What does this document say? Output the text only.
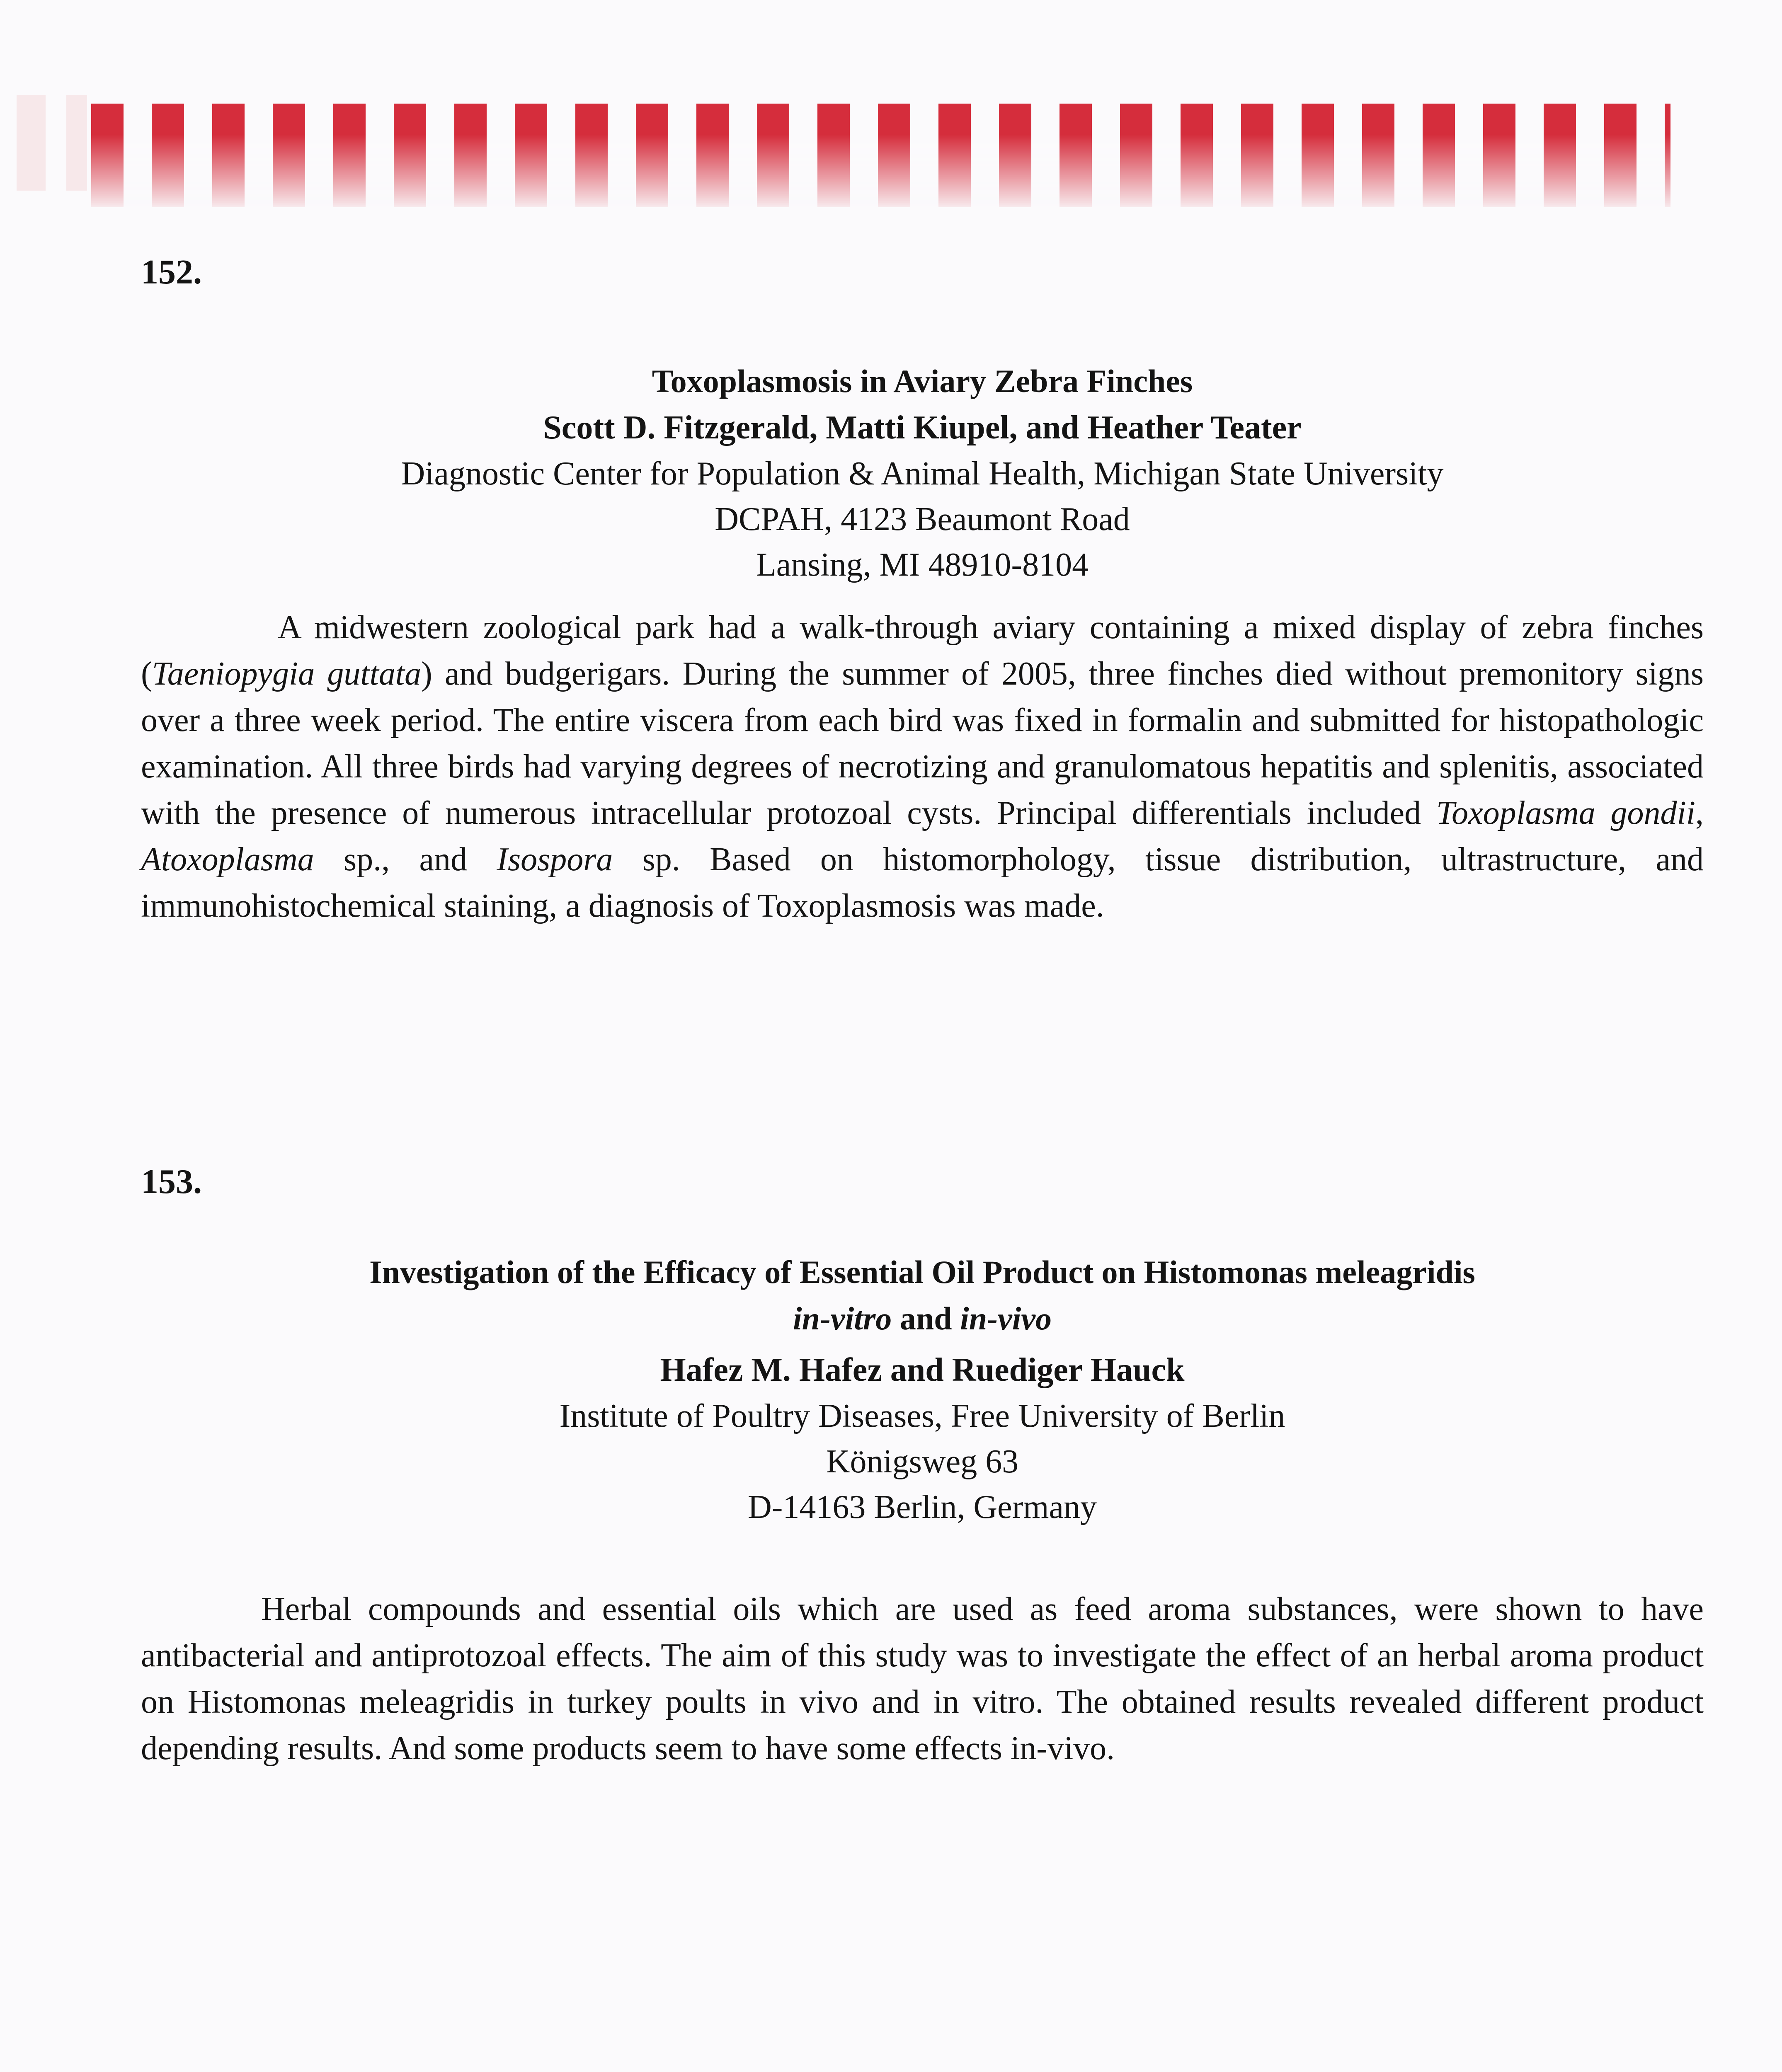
152.
Toxoplasmosis in Aviary Zebra Finches
Scott D. Fitzgerald, Matti Kiupel, and Heather Teater
Diagnostic Center for Population & Animal Health, Michigan State University
DCPAH, 4123 Beaumont Road
Lansing, MI 48910-8104
A midwestern zoological park had a walk-through aviary containing a mixed display of zebra finches (Taeniopygia guttata) and budgerigars. During the summer of 2005, three finches died without premonitory signs over a three week period. The entire viscera from each bird was fixed in formalin and submitted for histopathologic examination. All three birds had varying degrees of necrotizing and granulomatous hepatitis and splenitis, associated with the presence of numerous intracellular protozoal cysts. Principal differentials included Toxoplasma gondii, Atoxoplasma sp., and Isospora sp. Based on histomorphology, tissue distribution, ultrastructure, and immunohistochemical staining, a diagnosis of Toxoplasmosis was made.
153.
Investigation of the Efficacy of Essential Oil Product on Histomonas meleagridis
in-vitro and in-vivo
Hafez M. Hafez and Ruediger Hauck
Institute of Poultry Diseases, Free University of Berlin
Königsweg 63
D-14163 Berlin, Germany
Herbal compounds and essential oils which are used as feed aroma substances, were shown to have antibacterial and antiprotozoal effects. The aim of this study was to investigate the effect of an herbal aroma product on Histomonas meleagridis in turkey poults in vivo and in vitro. The obtained results revealed different product depending results. And some products seem to have some effects in-vivo.
